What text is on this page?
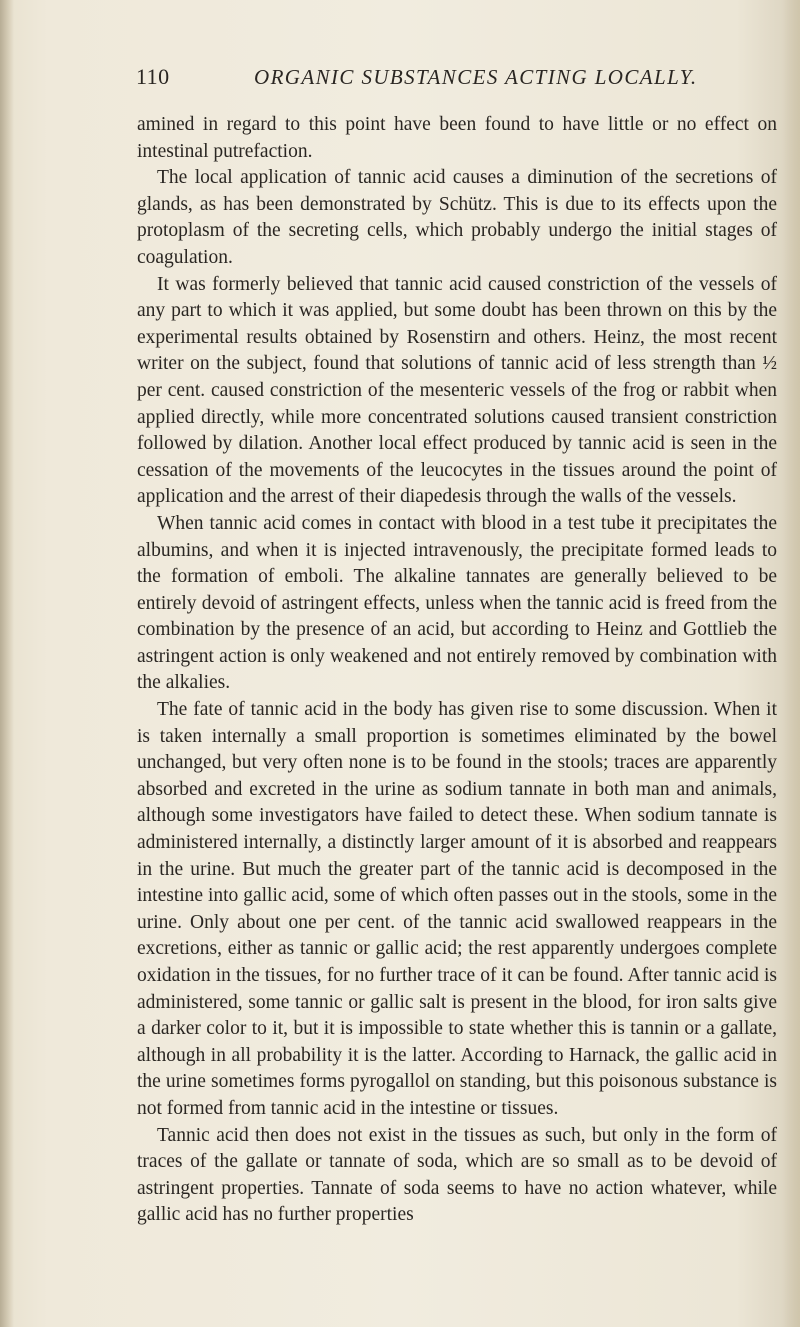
110	ORGANIC SUBSTANCES ACTING LOCALLY.

amined in regard to this point have been found to have little or no effect on intestinal putrefaction.

The local application of tannic acid causes a diminution of the secretions of glands, as has been demonstrated by Schütz. This is due to its effects upon the protoplasm of the secreting cells, which probably undergo the initial stages of coagulation.

It was formerly believed that tannic acid caused constriction of the vessels of any part to which it was applied, but some doubt has been thrown on this by the experimental results obtained by Rosenstirn and others. Heinz, the most recent writer on the subject, found that solutions of tannic acid of less strength than ½ per cent. caused constriction of the mesenteric vessels of the frog or rabbit when applied directly, while more concentrated solutions caused transient constriction followed by dilation. Another local effect produced by tannic acid is seen in the cessation of the movements of the leucocytes in the tissues around the point of application and the arrest of their diapedesis through the walls of the vessels.

When tannic acid comes in contact with blood in a test tube it precipitates the albumins, and when it is injected intravenously, the precipitate formed leads to the formation of emboli. The alkaline tannates are generally believed to be entirely devoid of astringent effects, unless when the tannic acid is freed from the combination by the presence of an acid, but according to Heinz and Gottlieb the astringent action is only weakened and not entirely removed by combination with the alkalies.

The fate of tannic acid in the body has given rise to some discussion. When it is taken internally a small proportion is sometimes eliminated by the bowel unchanged, but very often none is to be found in the stools; traces are apparently absorbed and excreted in the urine as sodium tannate in both man and animals, although some investigators have failed to detect these. When sodium tannate is administered internally, a distinctly larger amount of it is absorbed and reappears in the urine. But much the greater part of the tannic acid is decomposed in the intestine into gallic acid, some of which often passes out in the stools, some in the urine. Only about one per cent. of the tannic acid swallowed reappears in the excretions, either as tannic or gallic acid; the rest apparently undergoes complete oxidation in the tissues, for no further trace of it can be found. After tannic acid is administered, some tannic or gallic salt is present in the blood, for iron salts give a darker color to it, but it is impossible to state whether this is tannin or a gallate, although in all probability it is the latter. According to Harnack, the gallic acid in the urine sometimes forms pyrogallol on standing, but this poisonous substance is not formed from tannic acid in the intestine or tissues.

Tannic acid then does not exist in the tissues as such, but only in the form of traces of the gallate or tannate of soda, which are so small as to be devoid of astringent properties. Tannate of soda seems to have no action whatever, while gallic acid has no further properties
